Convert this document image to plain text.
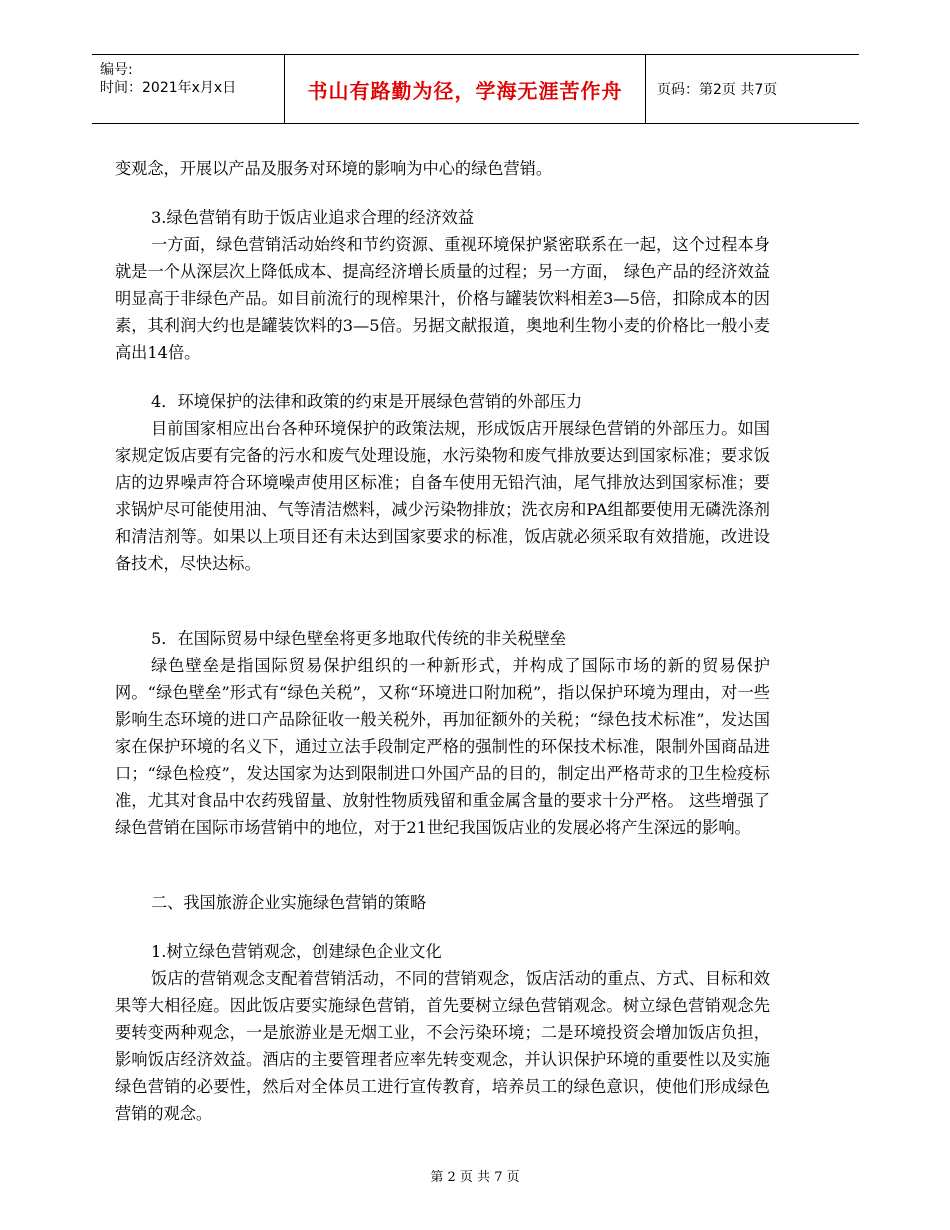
编号:
时间：2021年x月x日	书山有路勤为径，学海无涯苦作舟	页码：第2页 共7页

变观念，开展以产品及服务对环境的影响为中心的绿色营销。

3.绿色营销有助于饭店业追求合理的经济效益

一方面，绿色营销活动始终和节约资源、重视环境保护紧密联系在一起，这个过程本身就是一个从深层次上降低成本、提高经济增长质量的过程；另一方面， 绿色产品的经济效益明显高于非绿色产品。如目前流行的现榨果汁，价格与罐装饮料相差3—5倍，扣除成本的因素，其利润大约也是罐装饮料的3—5倍。另据文献报道，奥地利生物小麦的价格比一般小麦高出14倍。

4．环境保护的法律和政策的约束是开展绿色营销的外部压力

目前国家相应出台各种环境保护的政策法规，形成饭店开展绿色营销的外部压力。如国家规定饭店要有完备的污水和废气处理设施，水污染物和废气排放要达到国家标准；要求饭店的边界噪声符合环境噪声使用区标准；自备车使用无铅汽油，尾气排放达到国家标准；要求锅炉尽可能使用油、气等清洁燃料，减少污染物排放；洗衣房和PA组都要使用无磷洗涤剂和清洁剂等。如果以上项目还有未达到国家要求的标准，饭店就必须采取有效措施，改进设备技术，尽快达标。

5．在国际贸易中绿色壁垒将更多地取代传统的非关税壁垒

绿色壁垒是指国际贸易保护组织的一种新形式，并构成了国际市场的新的贸易保护网。“绿色壁垒”形式有“绿色关税”，又称“环境进口附加税”，指以保护环境为理由，对一些影响生态环境的进口产品除征收一般关税外，再加征额外的关税；“绿色技术标准”，发达国家在保护环境的名义下，通过立法手段制定严格的强制性的环保技术标准，限制外国商品进口；“绿色检疫”，发达国家为达到限制进口外国产品的目的，制定出严格苛求的卫生检疫标准，尤其对食品中农药残留量、放射性物质残留和重金属含量的要求十分严格。 这些增强了绿色营销在国际市场营销中的地位，对于21世纪我国饭店业的发展必将产生深远的影响。

二、我国旅游企业实施绿色营销的策略

1.树立绿色营销观念，创建绿色企业文化

饭店的营销观念支配着营销活动，不同的营销观念，饭店活动的重点、方式、目标和效果等大相径庭。因此饭店要实施绿色营销，首先要树立绿色营销观念。树立绿色营销观念先要转变两种观念，一是旅游业是无烟工业，不会污染环境；二是环境投资会增加饭店负担，影响饭店经济效益。酒店的主要管理者应率先转变观念，并认识保护环境的重要性以及实施绿色营销的必要性，然后对全体员工进行宣传教育，培养员工的绿色意识，使他们形成绿色营销的观念。

第 2 页 共 7 页
